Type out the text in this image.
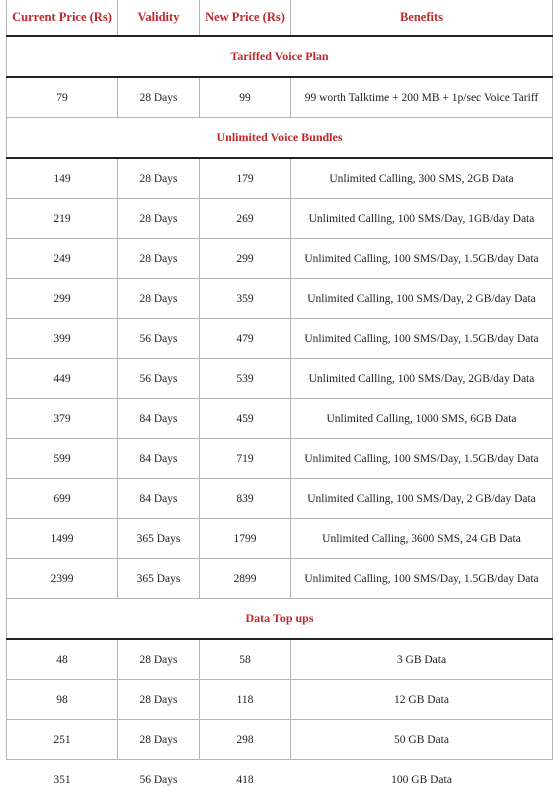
Current Price (Rs)	Validity	New Price (Rs)	Benefits
Tariffed Voice Plan			
79	28 Days	99	99 worth Talktime + 200 MB + 1p/sec Voice Tariff
Unlimited Voice Bundles			
149	28 Days	179	Unlimited Calling, 300 SMS, 2GB Data
219	28 Days	269	Unlimited Calling, 100 SMS/Day, 1GB/day Data
249	28 Days	299	Unlimited Calling, 100 SMS/Day, 1.5GB/day Data
299	28 Days	359	Unlimited Calling, 100 SMS/Day, 2 GB/day Data
399	56 Days	479	Unlimited Calling, 100 SMS/Day, 1.5GB/day Data
449	56 Days	539	Unlimited Calling, 100 SMS/Day, 2GB/day Data
379	84 Days	459	Unlimited Calling, 1000 SMS, 6GB Data
599	84 Days	719	Unlimited Calling, 100 SMS/Day, 1.5GB/day Data
699	84 Days	839	Unlimited Calling, 100 SMS/Day, 2 GB/day Data
1499	365 Days	1799	Unlimited Calling, 3600 SMS, 24 GB Data
2399	365 Days	2899	Unlimited Calling, 100 SMS/Day, 1.5GB/day Data
Data Top ups			
48	28 Days	58	3 GB Data
98	28 Days	118	12 GB Data
251	28 Days	298	50 GB Data
351	56 Days	418	100 GB Data
